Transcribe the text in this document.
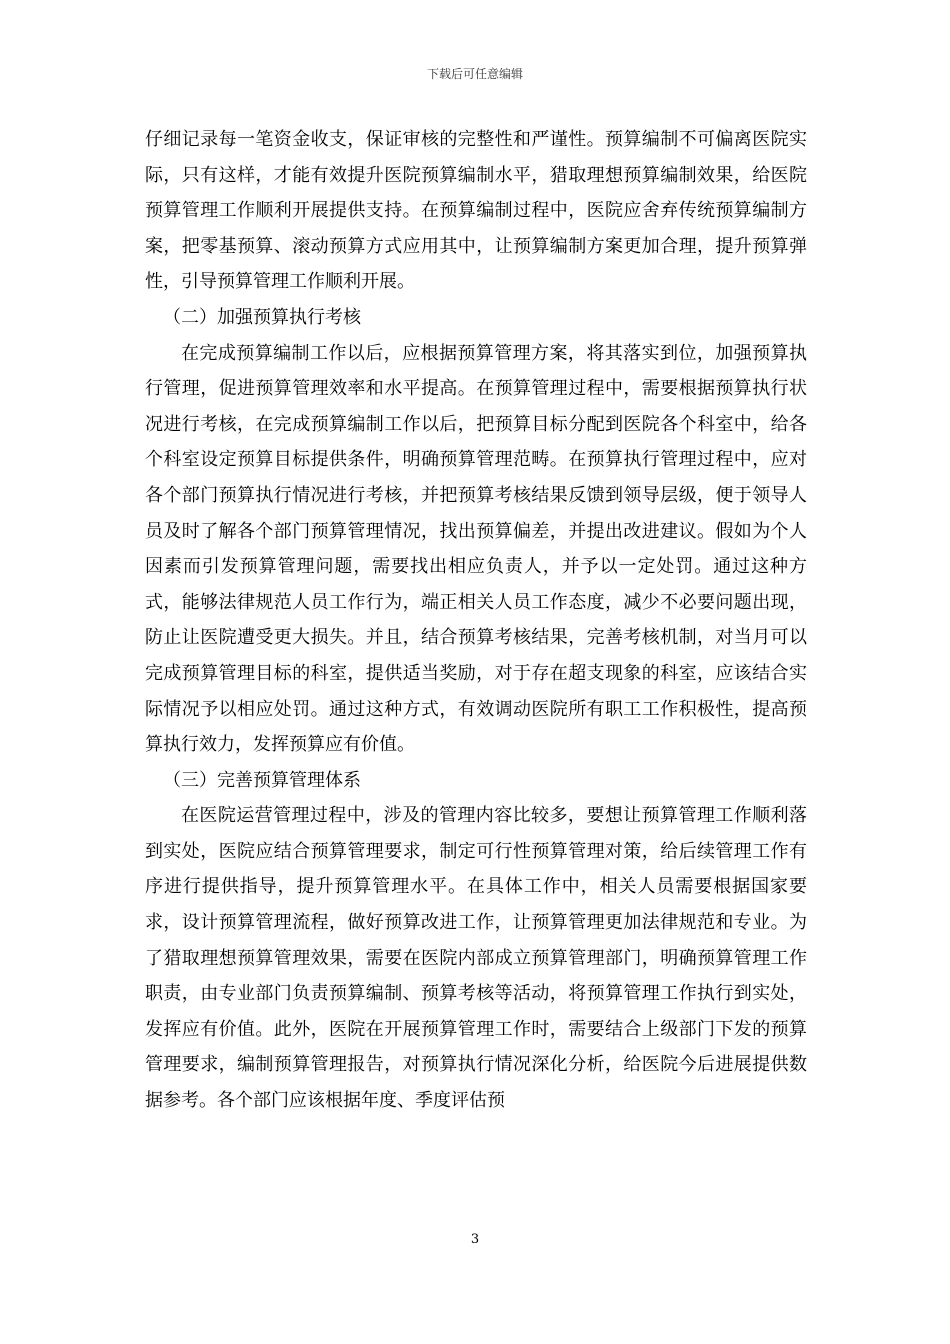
下载后可任意编辑

仔细记录每一笔资金收支，保证审核的完整性和严谨性。预算编制不可偏离医院实际，只有这样，才能有效提升医院预算编制水平，猎取理想预算编制效果，给医院预算管理工作顺利开展提供支持。在预算编制过程中，医院应舍弃传统预算编制方案，把零基预算、滚动预算方式应用其中，让预算编制方案更加合理，提升预算弹性，引导预算管理工作顺利开展。

（二）加强预算执行考核

在完成预算编制工作以后，应根据预算管理方案，将其落实到位，加强预算执行管理，促进预算管理效率和水平提高。在预算管理过程中，需要根据预算执行状况进行考核，在完成预算编制工作以后，把预算目标分配到医院各个科室中，给各个科室设定预算目标提供条件，明确预算管理范畴。在预算执行管理过程中，应对各个部门预算执行情况进行考核，并把预算考核结果反馈到领导层级，便于领导人员及时了解各个部门预算管理情况，找出预算偏差，并提出改进建议。假如为个人因素而引发预算管理问题，需要找出相应负责人，并予以一定处罚。通过这种方式，能够法律规范人员工作行为，端正相关人员工作态度，减少不必要问题出现，防止让医院遭受更大损失。并且，结合预算考核结果，完善考核机制，对当月可以完成预算管理目标的科室，提供适当奖励，对于存在超支现象的科室，应该结合实际情况予以相应处罚。通过这种方式，有效调动医院所有职工工作积极性，提高预算执行效力，发挥预算应有价值。

（三）完善预算管理体系

在医院运营管理过程中，涉及的管理内容比较多，要想让预算管理工作顺利落到实处，医院应结合预算管理要求，制定可行性预算管理对策，给后续管理工作有序进行提供指导，提升预算管理水平。在具体工作中，相关人员需要根据国家要求，设计预算管理流程，做好预算改进工作，让预算管理更加法律规范和专业。为了猎取理想预算管理效果，需要在医院内部成立预算管理部门，明确预算管理工作职责，由专业部门负责预算编制、预算考核等活动，将预算管理工作执行到实处，发挥应有价值。此外，医院在开展预算管理工作时，需要结合上级部门下发的预算管理要求，编制预算管理报告，对预算执行情况深化分析，给医院今后进展提供数据参考。各个部门应该根据年度、季度评估预

3
